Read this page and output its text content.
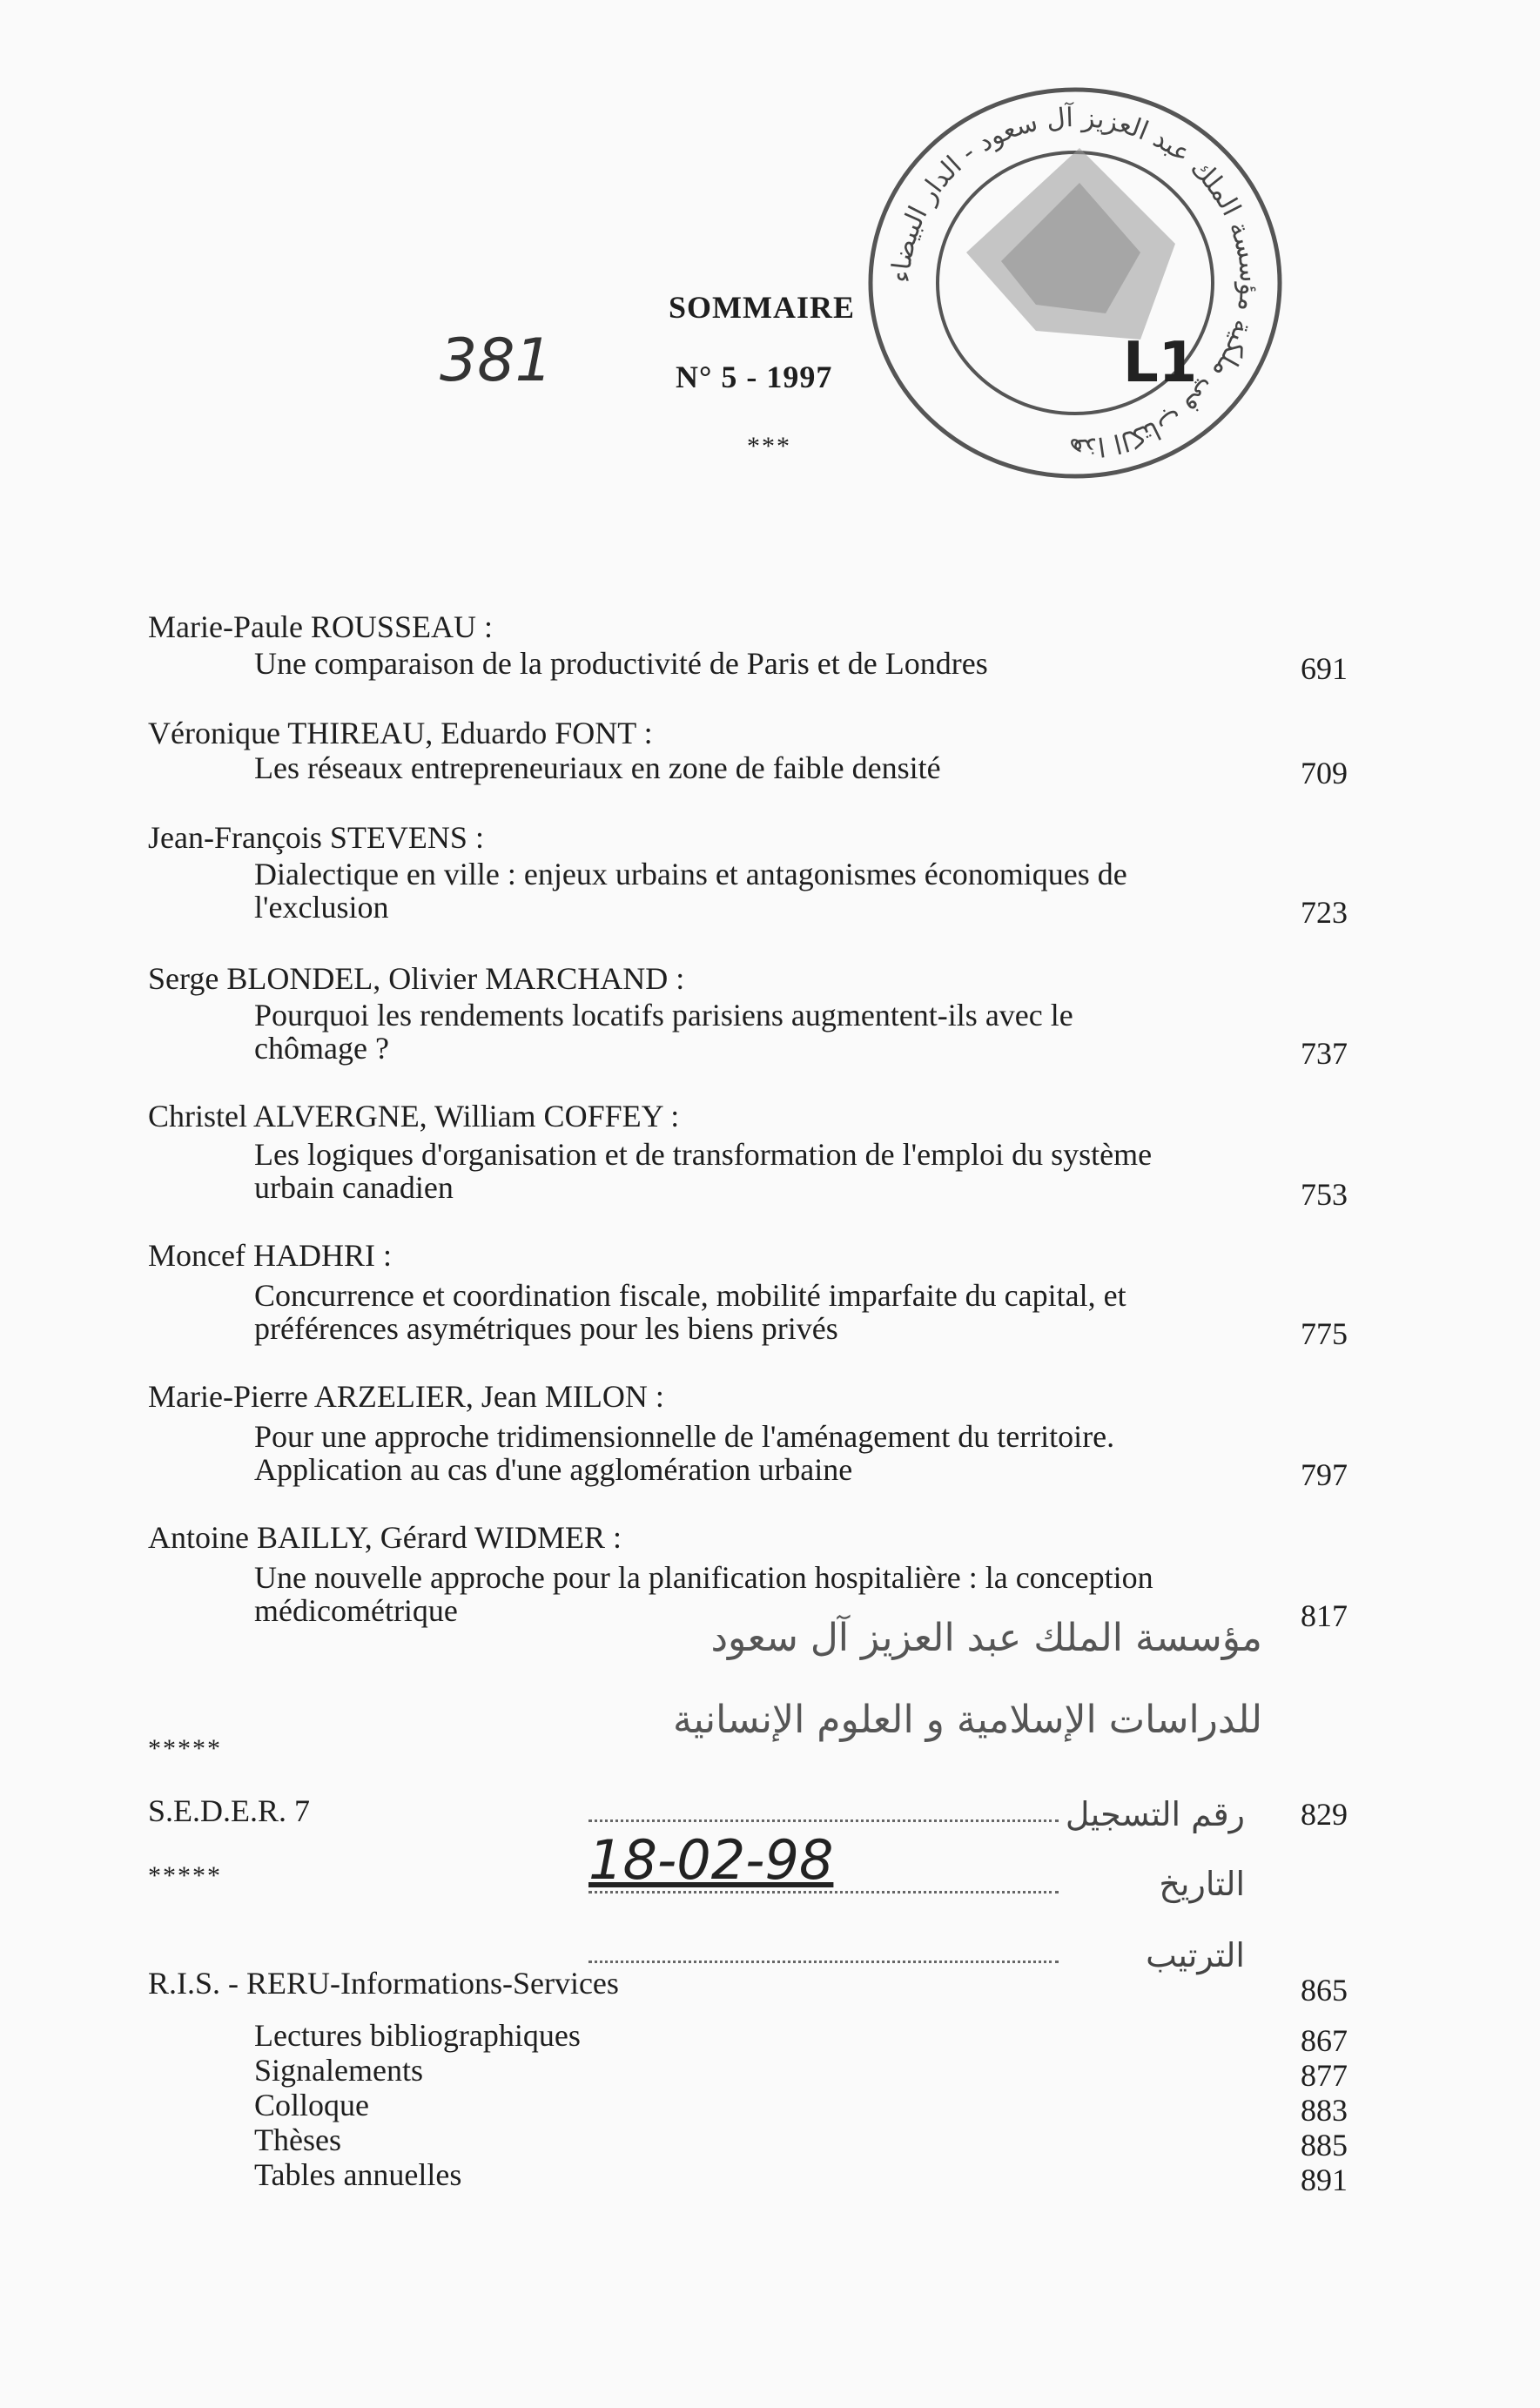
هذا الكتاب في ملكية مؤسسة الملك عبد العزيز آل سعود - الدار البيضاء
L1
381
SOMMAIRE
N° 5 - 1997
***
Marie-Paule ROUSSEAU :
Une comparaison de la productivité de Paris et de Londres	691
Véronique THIREAU, Eduardo FONT :
Les réseaux entrepreneuriaux en zone de faible densité	709
Jean-François STEVENS :
Dialectique en ville : enjeux urbains et antagonismes économiques de
l'exclusion	723
Serge BLONDEL, Olivier MARCHAND :
Pourquoi les rendements locatifs parisiens augmentent-ils avec le
chômage ?	737
Christel ALVERGNE, William COFFEY :
Les logiques d'organisation et de transformation de l'emploi du système
urbain canadien	753
Moncef HADHRI :
Concurrence et coordination fiscale, mobilité imparfaite du capital, et
préférences asymétriques pour les biens privés	775
Marie-Pierre ARZELIER, Jean MILON :
Pour une approche tridimensionnelle de l'aménagement du territoire.
Application au cas d'une agglomération urbaine	797
Antoine BAILLY, Gérard WIDMER :
Une nouvelle approche pour la planification hospitalière : la conception
médicométrique	817
مؤسسة الملك عبد العزيز آل سعود
للدراسات الإسلامية و العلوم الإنسانية
رقم التسجيل
18-02-98	التاريخ
الترتيب
*****
S.E.D.E.R. 7	829
*****
R.I.S. - RERU-Informations-Services	865
Lectures bibliographiques	867
Signalements	877
Colloque	883
Thèses	885
Tables annuelles	891
